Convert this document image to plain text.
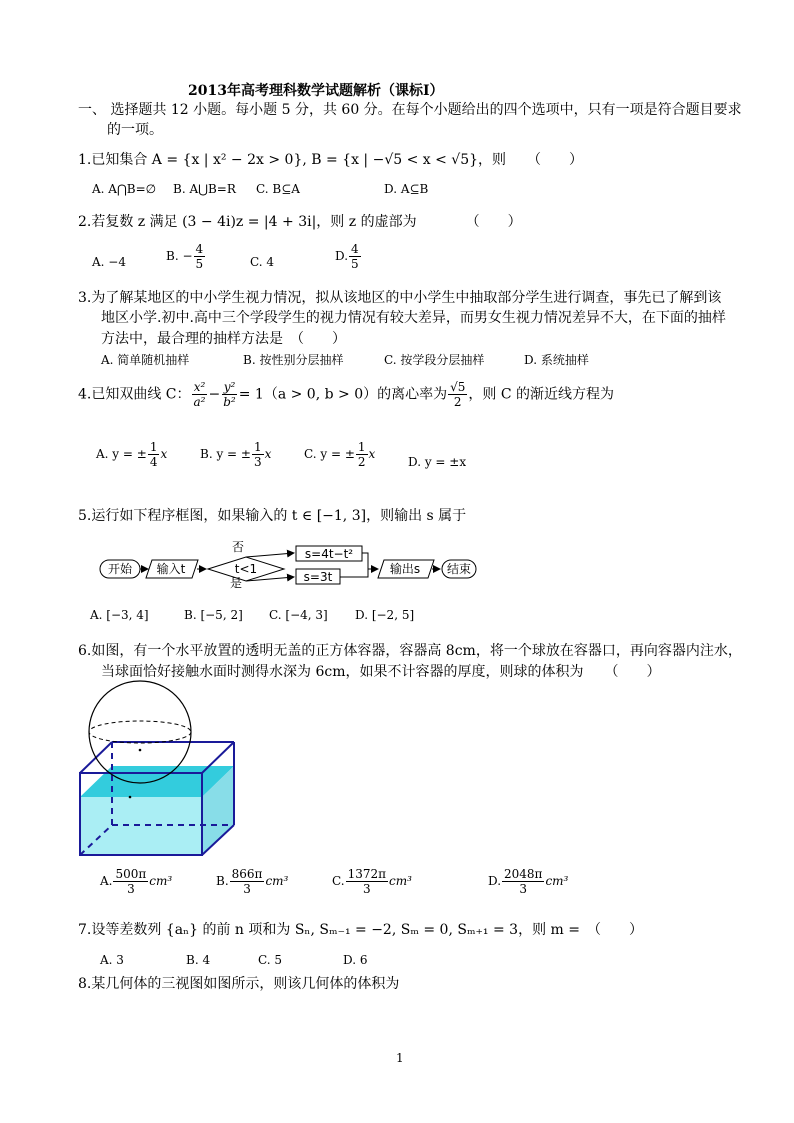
2013年高考理科数学试题解析（课标Ⅰ）
一、 选择题共 12 小题。每小题 5 分，共 60 分。在每个小题给出的四个选项中，只有一项是符合题目要求
的一项。
1.已知集合 A = {x | x² − 2x > 0}, B = {x | −√5 < x < √5}，则　　（　　）
A. A⋂B=∅ B. A⋃B=R C. B⊆A	D. A⊆B
2.若复数 z 满足 (3 − 4i)z = |4 + 3i|，则 z 的虚部为　　　　（　　）
A. −4	B. − $\frac{4}{5}$	C. 4	D. $\frac{4}{5}$
3.为了解某地区的中小学生视力情况，拟从该地区的中小学生中抽取部分学生进行调查，事先已了解到该
地区小学.初中.高中三个学段学生的视力情况有较大差异，而男女生视力情况差异不大，在下面的抽样
方法中，最合理的抽样方法是　（　　）
A. 简单随机抽样	B. 按性别分层抽样	C. 按学段分层抽样	D. 系统抽样
4.已知双曲线 C： $\frac{\text{x²}}{\text{a²}} - \frac{\text{y²}}{\text{b²}} = 1(a > 0$, b > 0）的离心率为 $\frac{√5}{2}$ ，则 C 的渐近线方程为
A. y = ± $\frac{1}{4}$ x	B. y = ± $\frac{1}{3}$ x	C. y = ± $\frac{1}{2}$ x
D. y = ±x
5.运行如下程序框图，如果输入的 t ∈ [−1, 3]，则输出 s 属于
开始 输入t	t<1
否
是
s=4t−t²
s=3t
输出s 结束
A. [−3, 4]	B. [−5, 2] C. [−4, 3] D. [−2, 5]
6.如图，有一个水平放置的透明无盖的正方体容器，容器高 8cm，将一个球放在容器口，再向容器内注水，
当球面恰好接触水面时测得水深为 6cm，如果不计容器的厚度，则球的体积为　　（　　）
A. $\frac{500\pi}{3} cm^3$	B. $\frac{866\pi}{3} cm^3$	C. $\frac{1372\pi}{3} cm^3$	D. $\frac{2048\pi}{3} cm^3$
7.设等差数列 {aₙ} 的前 n 项和为 Sₙ, Sₘ₋₁ = −2, Sₘ = 0, Sₘ₊₁ = 3，则 m =　（　　）
A. 3	B. 4	C. 5	D. 6
8.某几何体的三视图如图所示，则该几何体的体积为
1
